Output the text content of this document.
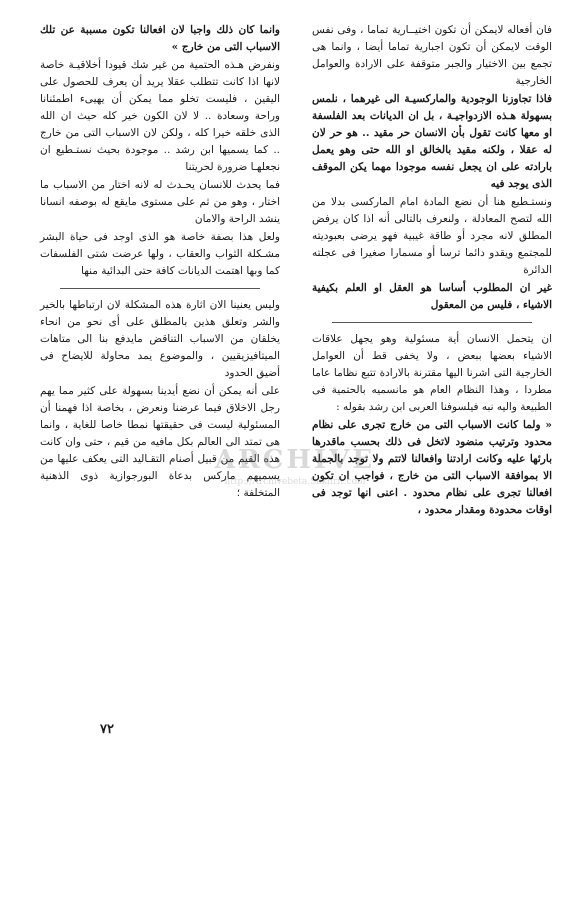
فان أفعاله لايمكن أن تكون اختيــارية تماما ، وفى نفس الوقت لايمكن أن تكون اجبارية تماما أيضا ، وانما هى تجمع بين الاختيار والجبر متوقفة على الارادة والعوامل الخارجية

فاذا تجاوزنا الوجودية والماركسيـة الى غيرهما ، نلمس بسهولة هـذه الازدواجيـة ، بل ان الديانات بعد الفلسفة او معها كانت تقول بأن الانسان حر مقيد .. هو حر لان له عقلا ، ولكنه مقيد بالخالق او الله حتى وهو يعمل بارادته على ان يجعل نفسه موجودا مهما يكن الموقف الذى يوجد فيه

ونستـطيع هنا أن نضع المادة امام الماركسى بدلا من الله لتصح المعادلة ، ولنعرف بالتالى أنه اذا كان يرفض المطلق لانه مجرد أو طاقة غيبية فهو يرضى بعبوديته للمجتمع ويقدو دائما ترسا أو مسمارا صغيرا فى عجلته الدائرة

غير ان المطلوب أساسا هو العقل او العلم بكيفية الاشياء ، فليس من المعقول

ان يتحمل الانسان أية مسئولية وهو يجهل علاقات الاشياء بعضها ببعض ، ولا يخفى قط أن العوامل الخارجية التى اشرنا اليها مقترنة بالارادة تتبع نظاما عاما مطردا ، وهذا النظام العام هو مانسميه بالحتمية فى الطبيعة واليه نبه فيلسوفنا العربى ابن رشد بقوله :

« ولما كانت الاسباب التى من خارج تجرى على نظام محدود وترتيب منضود لاتخل فى ذلك بحسب ماقدرها بارئها عليه وكانت ارادتنا وافعالنا لاتتم ولا توجد بالجملة الا بموافقة الاسباب التى من خارج ، فواجب ان تكون افعالنا تجرى على نظام محدود . اعنى انها توجد فى اوقات محدودة ومقدار محدود ،

وانما كان ذلك واجبا لان افعالنا تكون مسببة عن تلك الاسباب التى من خارج »

ونفرض هـذه الحتمية من غير شك قيودا أخلاقيـة خاصة لانها اذا كانت تتطلب عقلا يريد أن يعرف للحصول على اليقين ، فليست تخلو مما يمكن أن يهيىء اطمئنانا وراحة وسعادة .. لا لان الكون خير كله حيث ان الله الذى خلقه خيرا كله ، ولكن لان الاسباب التى من خارج .. كما يسميها ابن رشد .. موجودة بحيث نستـطيع ان نجعلهـا ضرورة لحريتنا

فما يحدث للانسان يحـدث له لانه اختار من الاسباب ما اختار ، وهو من ثم على مستوى مايقع له بوصفه انسانا ينشد الراحة والامان

ولعل هذا بصفة خاصة هو الذى اوجد فى حياة البشر مشـكلة الثواب والعقاب ، ولها عرضت شتى الفلسفات كما وبها اهتمت الديانات كافة حتى البدائية منها

وليس يعنينا الان اثارة هذه المشكلة لان ارتباطها بالخير والشر وتعلق هذين بالمطلق على أى نحو من انحاء يخلقان من الاسباب التناقض مايدفع بنا الى متاهات الميتافيزيقيين ، والموضوع يمد محاولة للايضاح فى أضيق الحدود

على أنه يمكن أن نضع أيدينا بسهولة على كثير مما يهم رجل الاخلاق فيما عرضنا ونعرض ، بخاصة اذا فهمنا أن المسئولية ليست فى حقيقتها نمطا خاصا للغاية ، وانما هى تمتد الى العالم بكل مافيه من قيم ، حتى وان كانت هذه القيم من قبيل أصنام التقـاليد التى يعكف عليها من يسميهم ماركس بدعاة البورجوازية ذوى الذهنية المتخلفة ؛

ARCHIVE
http://Archivebeta.Sakhrit.com
٧٢
